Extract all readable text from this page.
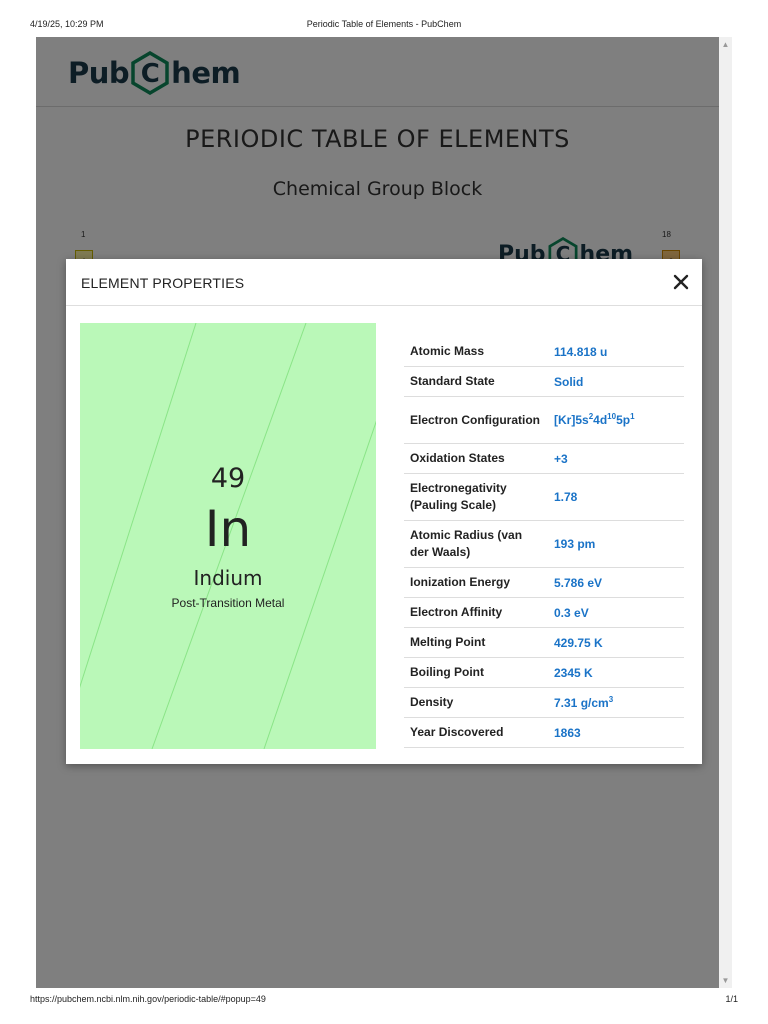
4/19/25, 10:29 PM	Periodic Table of Elements - PubChem
▲
▼
ELEMENT PROPERTIES
49
In
Indium
Post-Transition Metal
Atomic Mass	114.818 u
Standard State	Solid
Electron Configuration	$[Kr]5s^24d^{10}5p^1$
Oxidation States	+3
Electronegativity (Pauling Scale)	1.78
Atomic Radius (van der Waals)	193 pm
Ionization Energy	5.786 eV
Electron Affinity	0.3 eV
Melting Point	429.75 K
Boiling Point	2345 K
Density	7.31 $g/cm^3$
Year Discovered	1863
https://pubchem.ncbi.nlm.nih.gov/periodic-table/#popup=49	1/1
